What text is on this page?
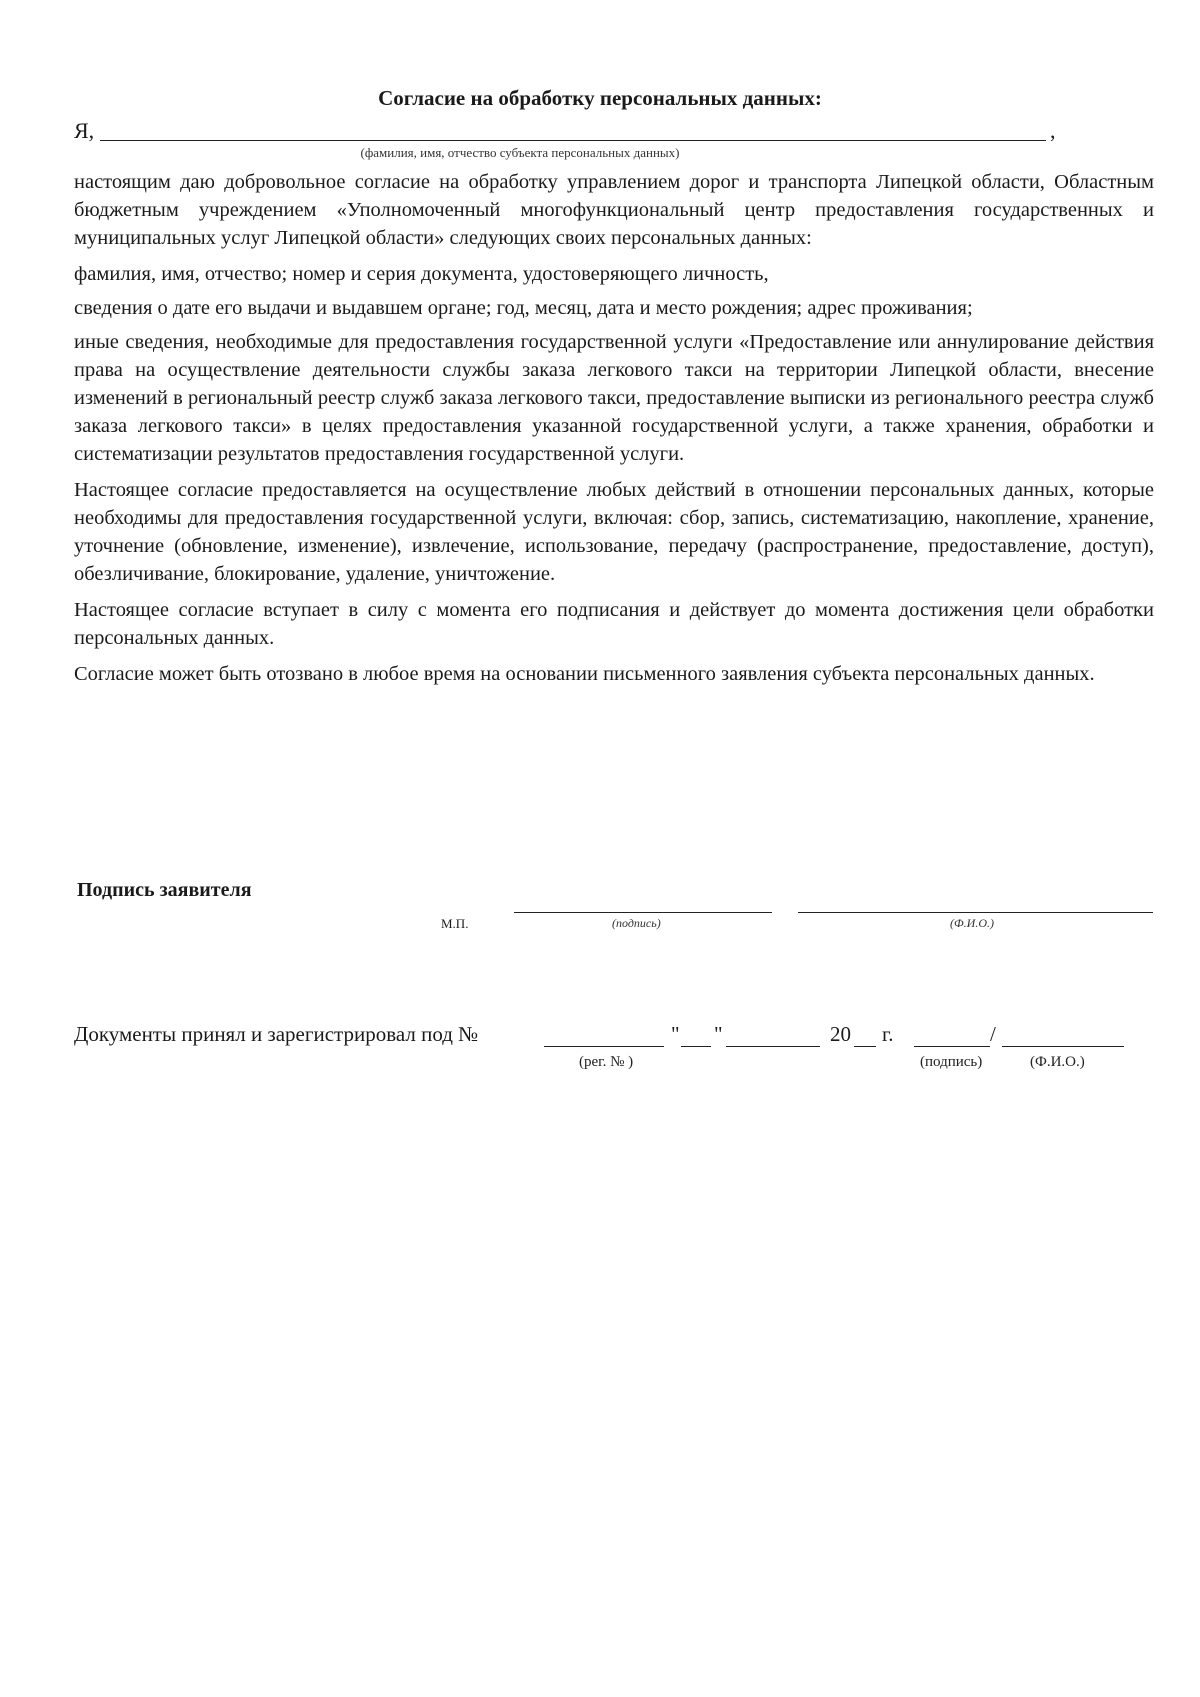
Согласие на обработку персональных данных:
Я,	,
(фамилия, имя, отчество субъекта персональных данных)

настоящим даю добровольное согласие на обработку управлением дорог и транспорта Липецкой области, Областным бюджетным учреждением «Уполномоченный многофункциональный центр предоставления государственных и муниципальных услуг Липецкой области» следующих своих персональных данных:

фамилия, имя, отчество; номер и серия документа, удостоверяющего личность,

сведения о дате его выдачи и выдавшем органе; год, месяц, дата и место рождения; адрес проживания;

иные сведения, необходимые для предоставления государственной услуги «Предоставление или аннулирование действия права на осуществление деятельности службы заказа легкового такси на территории Липецкой области, внесение изменений в региональный реестр служб заказа легкового такси, предоставление выписки из регионального реестра служб заказа легкового такси» в целях предоставления указанной государственной услуги, а также хранения, обработки и систематизации результатов предоставления государственной услуги.

Настоящее согласие предоставляется на осуществление любых действий в отношении персональных данных, которые необходимы для предоставления государственной услуги, включая: сбор, запись, систематизацию, накопление, хранение, уточнение (обновление, изменение), извлечение, использование, передачу (распространение, предоставление, доступ), обезличивание, блокирование, удаление, уничтожение.

Настоящее согласие вступает в силу с момента его подписания и действует до момента достижения цели обработки персональных данных.

Согласие может быть отозвано в любое время на основании письменного заявления субъекта персональных данных.

Подпись заявителя
М.П.	(подпись)	(Ф.И.О.)
Документы принял и зарегистрировал под №	" "	20 г.	/
(рег. № )	(подпись)	(Ф.И.О.)
